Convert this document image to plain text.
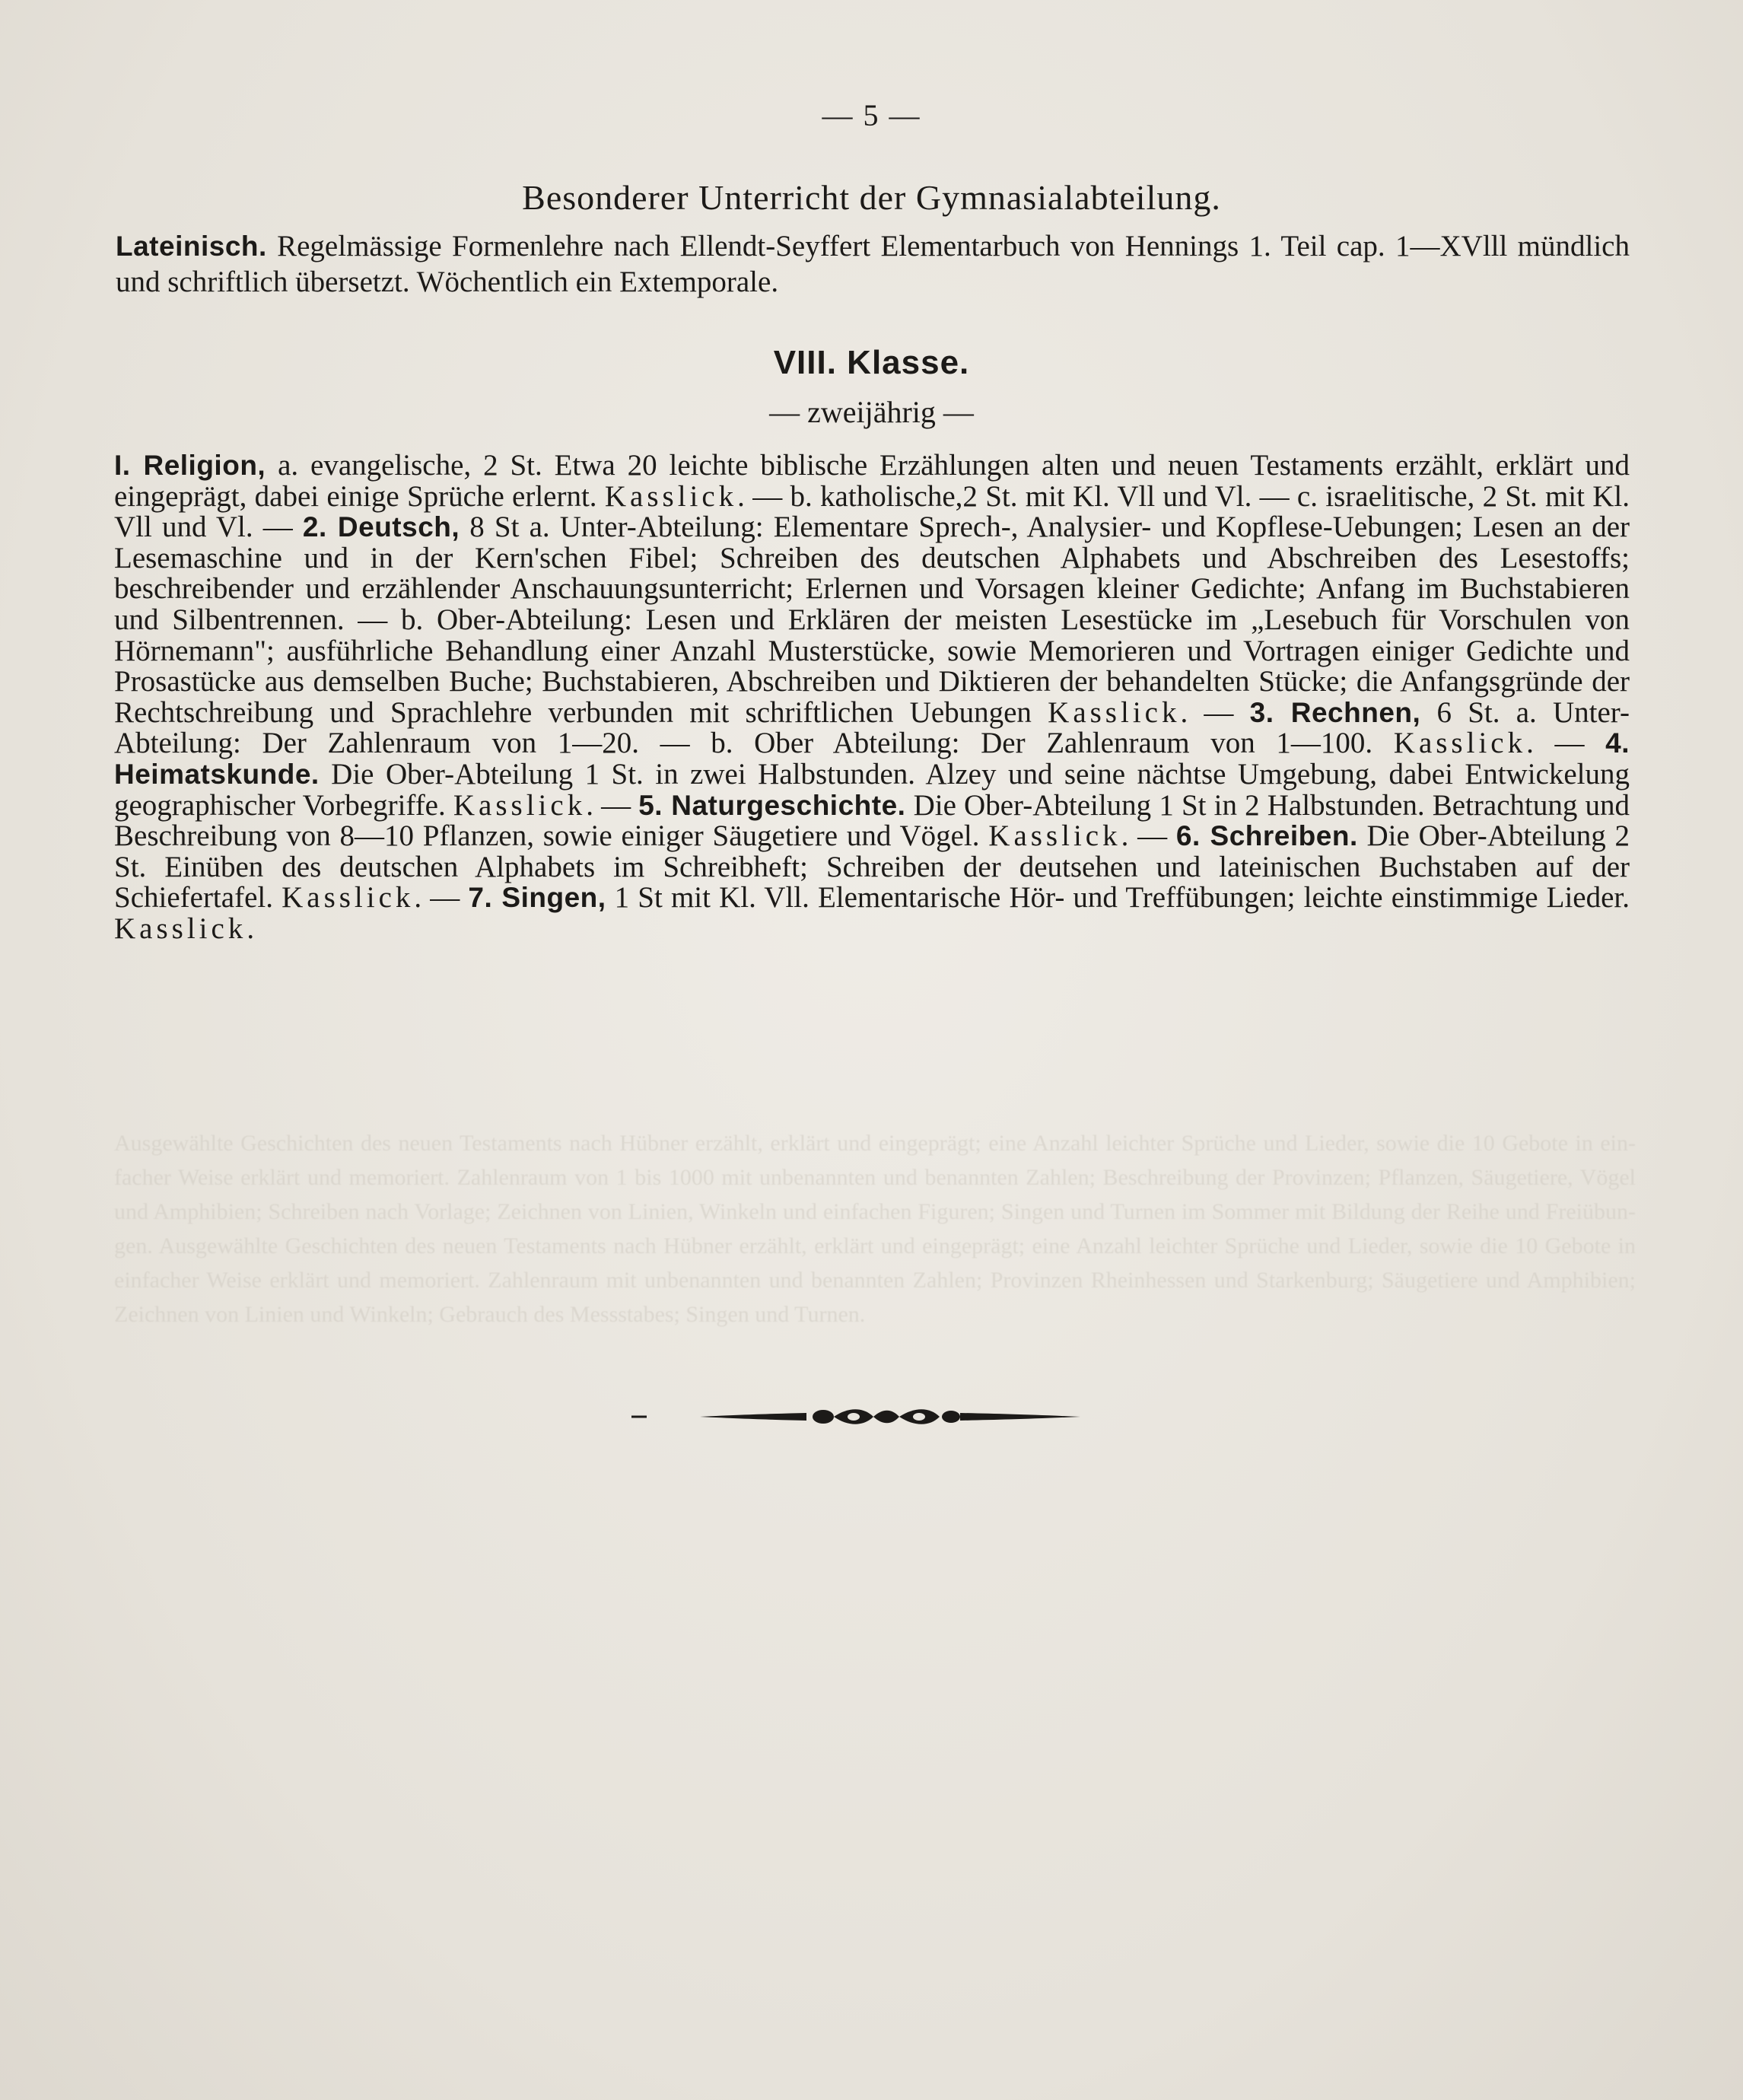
Ausgewählte Geschichten des neuen Testaments nach Hübner erzählt, erklärt und eingeprägt; eine Anzahl leichter Sprüche und Lieder, sowie die 10 Gebote in einfacher Weise erklärt und memoriert. Zahlenraum von 1 bis 1000 mit unbenannten und benannten Zahlen; Beschreibung der Provinzen; Pflanzen, Säugetiere, Vögel und Amphibien; Schreiben nach Vorlage; Zeichnen von Linien, Winkeln und einfachen Figuren; Singen und Turnen im Sommer mit Bildung der Reihe und Freiübungen. Ausgewählte Geschichten des neuen Testaments nach Hübner erzählt, erklärt und eingeprägt; eine Anzahl leichter Sprüche und Lieder, sowie die 10 Gebote in einfacher Weise erklärt und memoriert. Zahlenraum mit unbenannten und benannten Zahlen; Provinzen Rheinhessen und Starkenburg; Säugetiere und Amphibien; Zeichnen von Linien und Winkeln; Gebrauch des Messstabes; Singen und Turnen.
— 5 —
Besonderer Unterricht der Gymnasialabteilung.
Lateinisch. Regelmässige Formenlehre nach Ellendt-Seyffert Elementarbuch von Hennings 1. Teil cap. 1—XVlll mündlich und schriftlich übersetzt. Wöchentlich ein Extemporale.
VIII. Klasse.
— zweijährig —
I. Religion, a. evangelische, 2 St. Etwa 20 leichte biblische Erzählungen alten und neuen Testaments erzählt, erklärt und eingeprägt, dabei einige Sprüche erlernt. Kasslick. — b. katholische,2 St. mit Kl. Vll und Vl. — c. israelitische, 2 St. mit Kl. Vll und Vl. — 2. Deutsch, 8 St a. Unter-Abteilung: Elementare Sprech-, Analysier- und Kopflese-Uebungen; Lesen an der Lesemaschine und in der Kern'schen Fibel; Schreiben des deutschen Alphabets und Abschreiben des Lesestoffs; beschreibender und erzählender Anschauungsunterricht; Erlernen und Vorsagen kleiner Gedichte; Anfang im Buchstabieren und Silbentrennen. — b. Ober-Abteilung: Lesen und Erklären der meisten Lesestücke im „Lesebuch für Vorschulen von Hörnemann"; ausführliche Behandlung einer Anzahl Musterstücke, sowie Memorieren und Vortragen einiger Gedichte und Prosastücke aus demselben Buche; Buchstabieren, Abschreiben und Diktieren der behandelten Stücke; die Anfangsgründe der Rechtschreibung und Sprachlehre verbunden mit schriftlichen Uebungen Kasslick. — 3. Rechnen, 6 St. a. Unter-Abteilung: Der Zahlenraum von 1—20. — b. Ober Abteilung: Der Zahlenraum von 1—100. Kasslick. — 4. Heimatskunde. Die Ober-Abteilung 1 St. in zwei Halbstunden. Alzey und seine nächtse Umgebung, dabei Entwickelung geographischer Vorbegriffe. Kasslick. — 5. Naturgeschichte. Die Ober-Abteilung 1 St in 2 Halbstunden. Betrachtung und Beschreibung von 8—10 Pflanzen, sowie einiger Säugetiere und Vögel. Kasslick. — 6. Schreiben. Die Ober-Abteilung 2 St. Einüben des deutschen Alphabets im Schreibheft; Schreiben der deutsehen und lateinischen Buchstaben auf der Schiefertafel. Kasslick. — 7. Singen, 1 St mit Kl. Vll. Elementarische Hör- und Treffübungen; leichte einstimmige Lieder. Kasslick.
